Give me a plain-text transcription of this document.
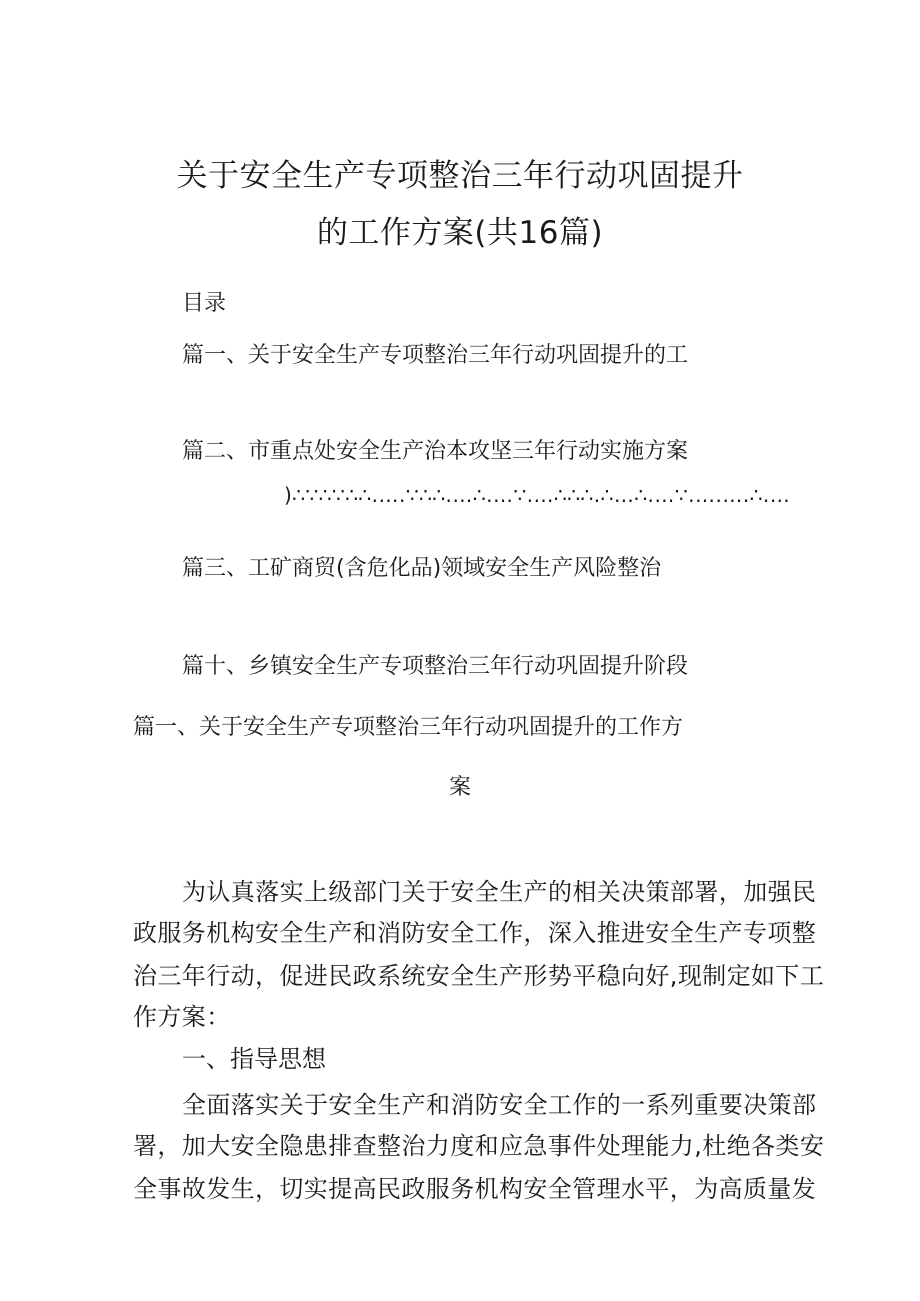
关于安全生产专项整治三年行动巩固提升
的工作方案(共16篇)
目录
篇一、关于安全生产专项整治三年行动巩固提升的工
篇二、市重点处安全生产治本攻坚三年行动实施方案
)∴∵∴∵∴∴.….∵∴∴.…∴.…∵.…∴∴∴.∴…∴.…∵.….….∴.…
篇三、工矿商贸(含危化品)领域安全生产风险整治
篇十、乡镇安全生产专项整治三年行动巩固提升阶段
篇一、关于安全生产专项整治三年行动巩固提升的工作方
案
为认真落实上级部门关于安全生产的相关决策部署，加强民
政服务机构安全生产和消防安全工作，深入推进安全生产专项整
治三年行动，促进民政系统安全生产形势平稳向好,现制定如下工
作方案：
一、指导思想
全面落实关于安全生产和消防安全工作的一系列重要决策部
署，加大安全隐患排查整治力度和应急事件处理能力,杜绝各类安
全事故发生，切实提高民政服务机构安全管理水平，为高质量发
